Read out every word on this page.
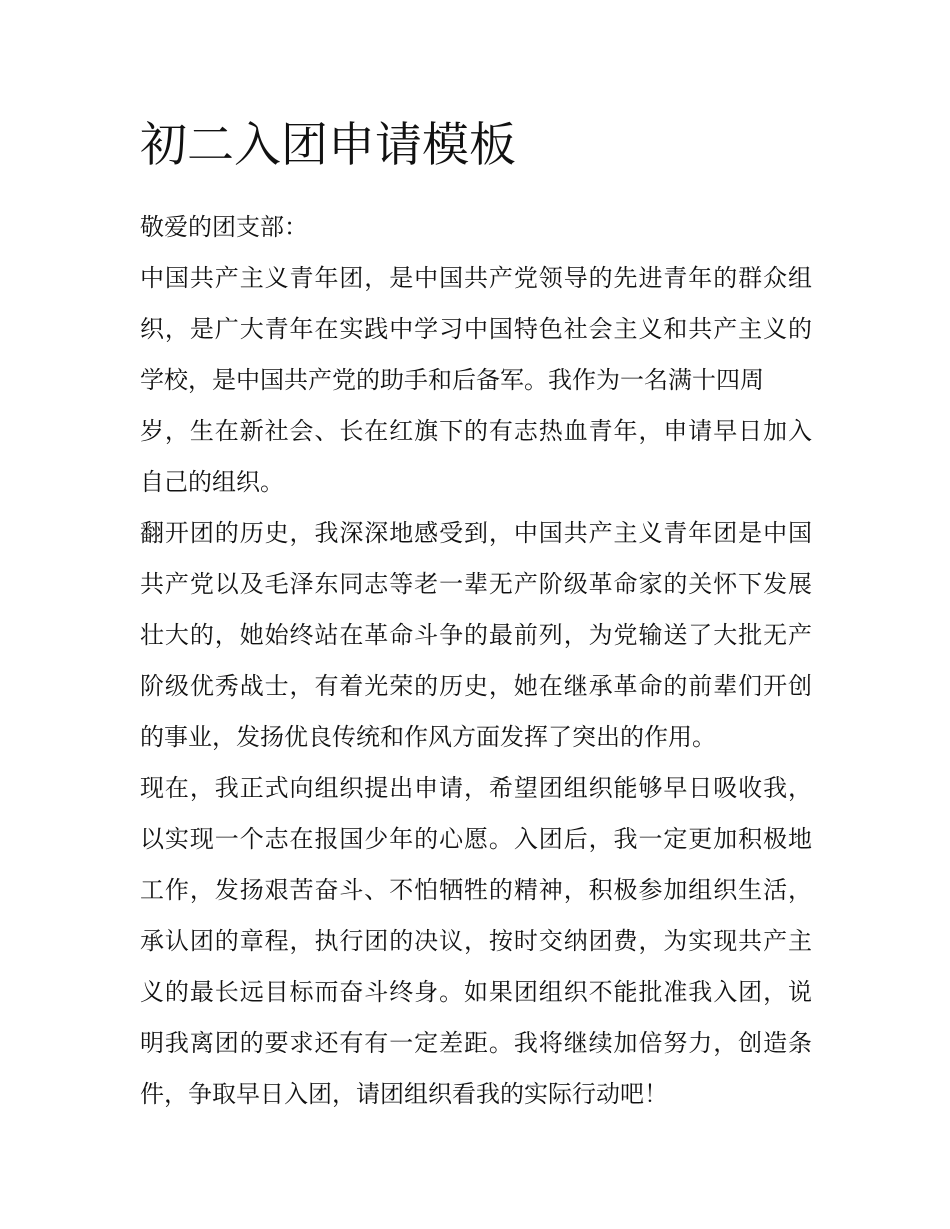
初二入团申请模板
敬爱的团支部：
中国共产主义青年团，是中国共产党领导的先进青年的群众组
织，是广大青年在实践中学习中国特色社会主义和共产主义的
学校，是中国共产党的助手和后备军。我作为一名满十四周
岁，生在新社会、长在红旗下的有志热血青年，申请早日加入
自己的组织。
翻开团的历史，我深深地感受到，中国共产主义青年团是中国
共产党以及毛泽东同志等老一辈无产阶级革命家的关怀下发展
壮大的，她始终站在革命斗争的最前列，为党输送了大批无产
阶级优秀战士，有着光荣的历史，她在继承革命的前辈们开创
的事业，发扬优良传统和作风方面发挥了突出的作用。
现在，我正式向组织提出申请，希望团组织能够早日吸收我，
以实现一个志在报国少年的心愿。入团后，我一定更加积极地
工作，发扬艰苦奋斗、不怕牺牲的精神，积极参加组织生活，
承认团的章程，执行团的决议，按时交纳团费，为实现共产主
义的最长远目标而奋斗终身。如果团组织不能批准我入团，说
明我离团的要求还有有一定差距。我将继续加倍努力，创造条
件，争取早日入团，请团组织看我的实际行动吧！
